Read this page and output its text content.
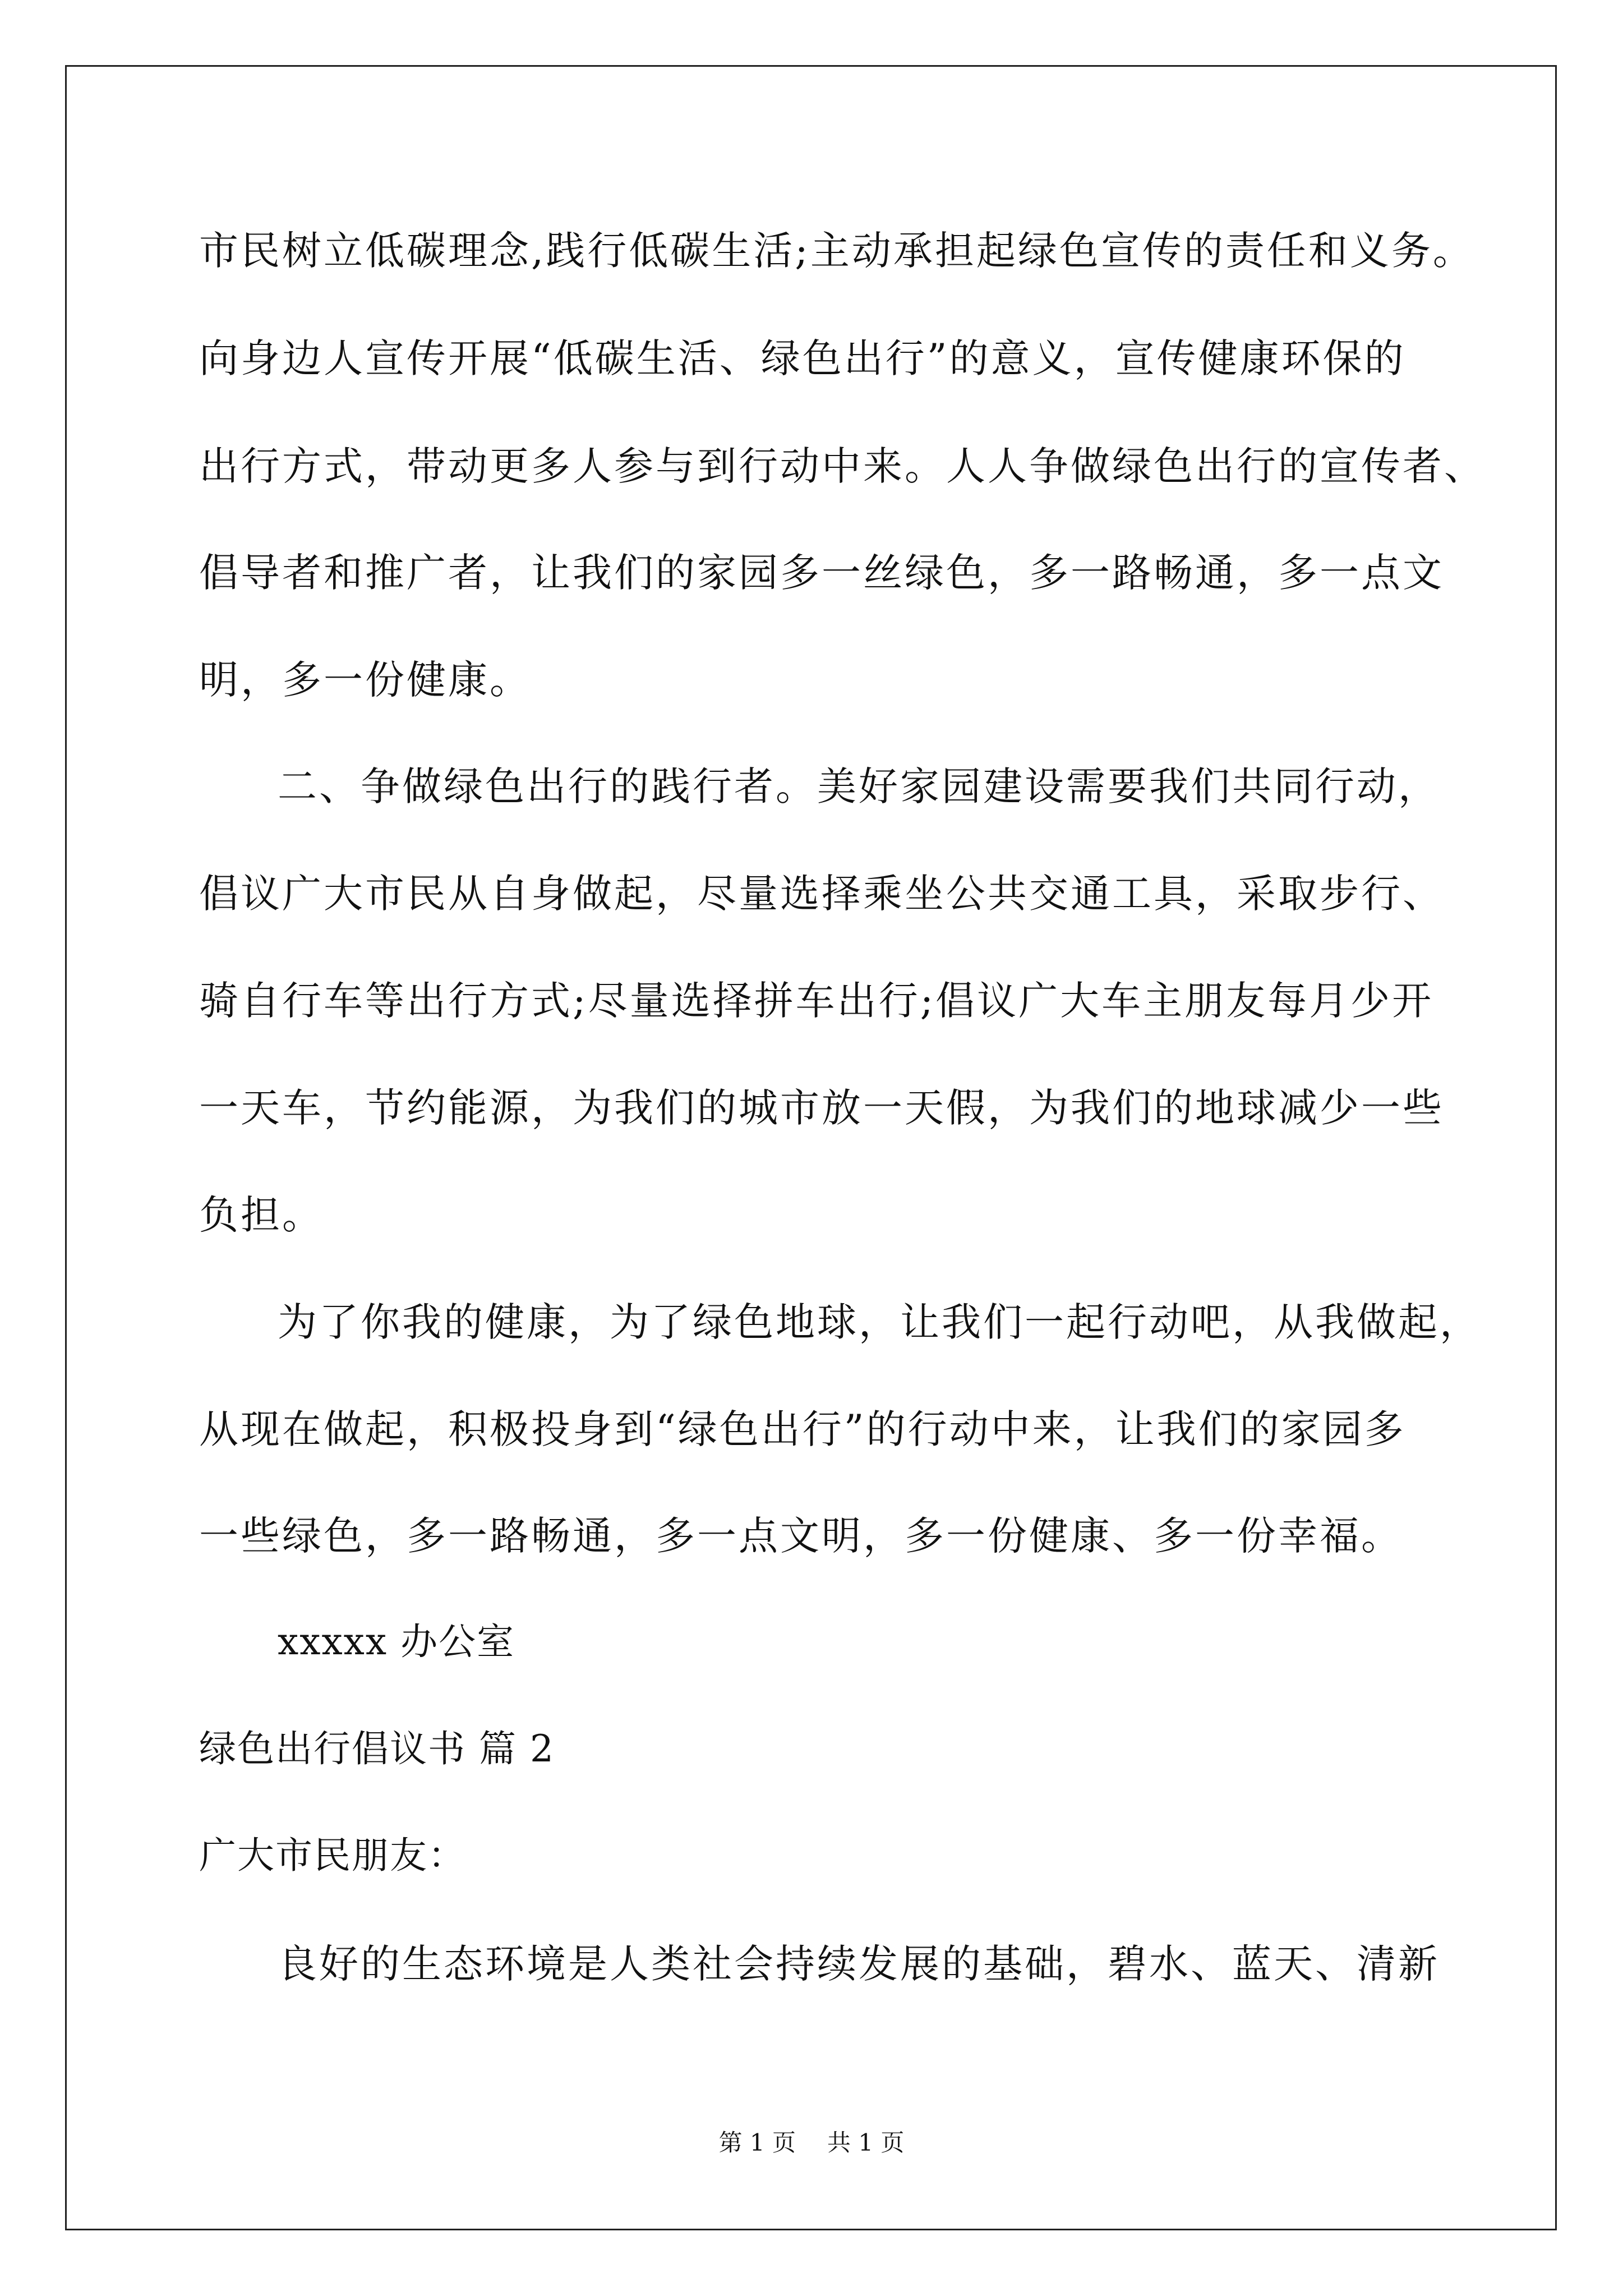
市民树立低碳理念,践行低碳生活;主动承担起绿色宣传的责任和义务。
向身边人宣传开展“低碳生活、绿色出行”的意义，宣传健康环保的
出行方式，带动更多人参与到行动中来。人人争做绿色出行的宣传者、
倡导者和推广者，让我们的家园多一丝绿色，多一路畅通，多一点文
明，多一份健康。
二、争做绿色出行的践行者。美好家园建设需要我们共同行动，
倡议广大市民从自身做起，尽量选择乘坐公共交通工具，采取步行、
骑自行车等出行方式;尽量选择拼车出行;倡议广大车主朋友每月少开
一天车，节约能源，为我们的城市放一天假，为我们的地球减少一些
负担。
为了你我的健康，为了绿色地球，让我们一起行动吧，从我做起，
从现在做起，积极投身到“绿色出行”的行动中来，让我们的家园多
一些绿色，多一路畅通，多一点文明，多一份健康、多一份幸福。
xxxxx 办公室
绿色出行倡议书 篇 2
广大市民朋友：
良好的生态环境是人类社会持续发展的基础，碧水、蓝天、清新
第 1 页 共 1 页
